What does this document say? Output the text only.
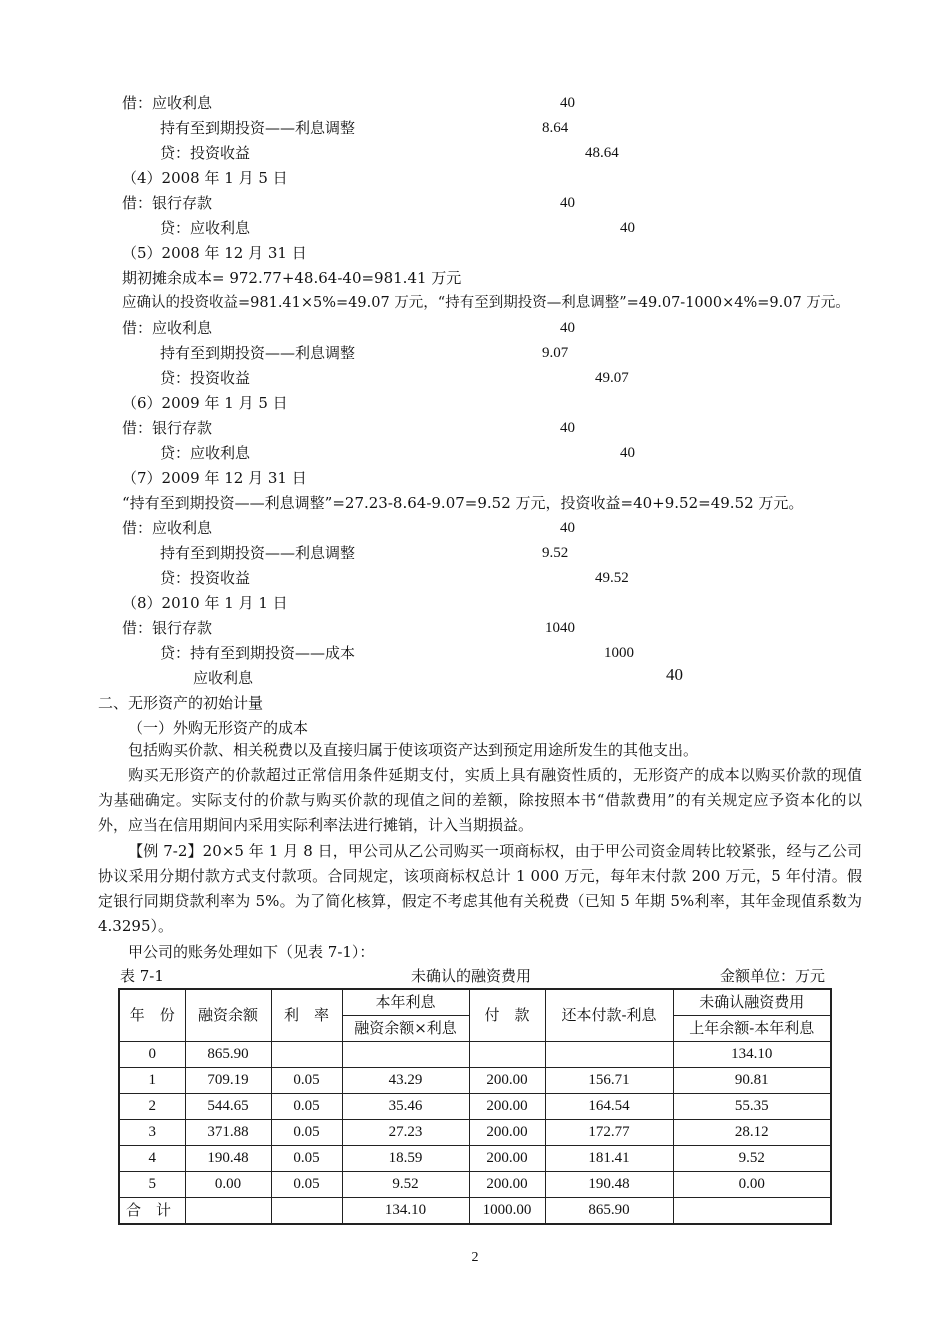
借：应收利息	40
持有至到期投资——利息调整	8.64
贷：投资收益	48.64
（4）2008 年 1 月 5 日
借：银行存款	40
贷：应收利息	40
（5）2008 年 12 月 31 日
期初摊余成本= 972.77+48.64-40=981.41 万元
应确认的投资收益=981.41×5%=49.07 万元，“持有至到期投资—利息调整”=49.07-1000×4%=9.07 万元。
借：应收利息	40
持有至到期投资——利息调整	9.07
贷：投资收益	49.07
（6）2009 年 1 月 5 日
借：银行存款	40
贷：应收利息	40
（7）2009 年 12 月 31 日
“持有至到期投资——利息调整”=27.23-8.64-9.07=9.52 万元，投资收益=40+9.52=49.52 万元。
借：应收利息	40
持有至到期投资——利息调整	9.52
贷：投资收益	49.52
（8）2010 年 1 月 1 日
借：银行存款	1040
贷：持有至到期投资——成本	1000
应收利息	40
二、无形资产的初始计量
（一）外购无形资产的成本
包括购买价款、相关税费以及直接归属于使该项资产达到预定用途所发生的其他支出。
购买无形资产的价款超过正常信用条件延期支付，实质上具有融资性质的，无形资产的成本以购买价款的现值为基础确定。实际支付的价款与购买价款的现值之间的差额，除按照本书“借款费用”的有关规定应予资本化的以外，应当在信用期间内采用实际利率法进行摊销，计入当期损益。
【例 7-2】20×5 年 1 月 8 日，甲公司从乙公司购买一项商标权，由于甲公司资金周转比较紧张，经与乙公司协议采用分期付款方式支付款项。合同规定，该项商标权总计 1 000 万元，每年末付款 200 万元，5 年付清。假定银行同期贷款利率为 5%。为了简化核算，假定不考虑其他有关税费（已知 5 年期 5%利率，其年金现值系数为 4.3295）。
甲公司的账务处理如下（见表 7-1）：
表 7-1	未确认的融资费用	金额单位：万元
年　份	融资余额	利　率	本年利息	付　款	还本付款-利息	未确认融资费用
			融资余额×利息			上年余额-本年利息
0	865.90					134.10
1	709.19	0.05	43.29	200.00	156.71	90.81
2	544.65	0.05	35.46	200.00	164.54	55.35
3	371.88	0.05	27.23	200.00	172.77	28.12
4	190.48	0.05	18.59	200.00	181.41	9.52
5	0.00	0.05	9.52	200.00	190.48	0.00
合　计			134.10	1000.00	865.90	
2
